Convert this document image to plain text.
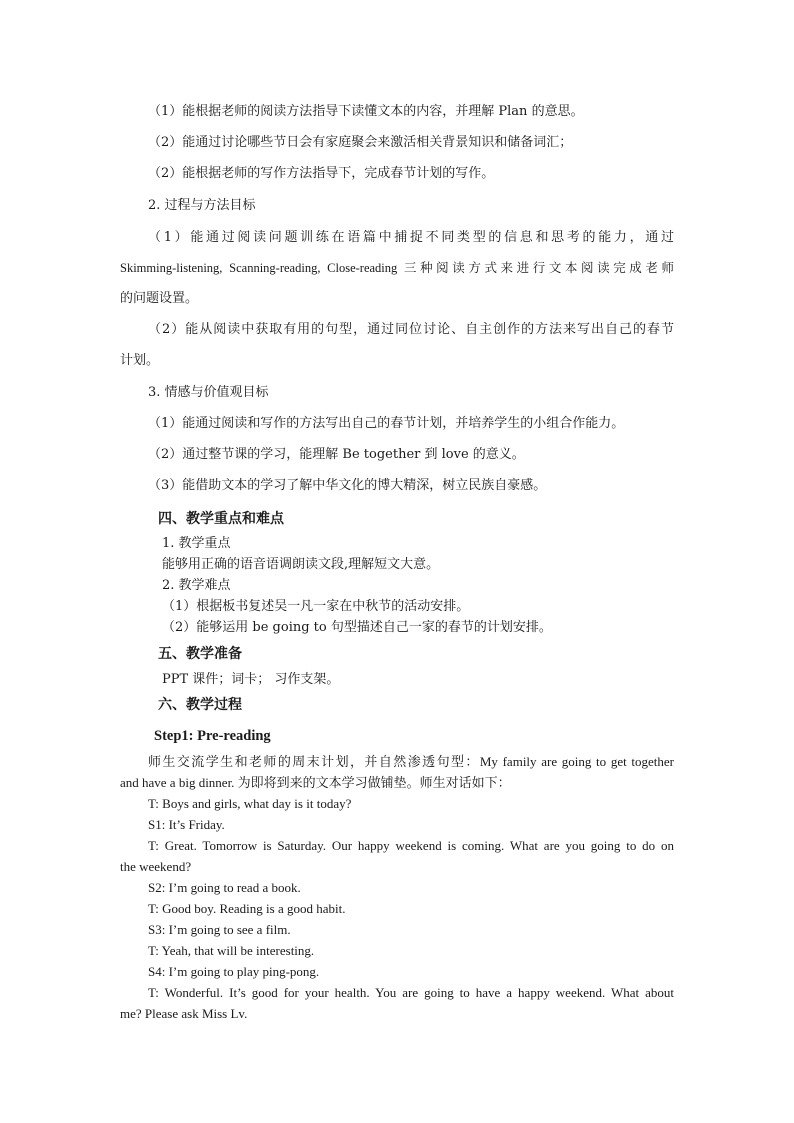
（1）能根据老师的阅读方法指导下读懂文本的内容，并理解 Plan 的意思。
（2）能通过讨论哪些节日会有家庭聚会来激活相关背景知识和储备词汇；
（2）能根据老师的写作方法指导下，完成春节计划的写作。
2. 过程与方法目标
（1）能通过阅读问题训练在语篇中捕捉不同类型的信息和思考的能力，通过
Skimming-listening, Scanning-reading, Close-reading 三种阅读方式来进行文本阅读完成老师
的问题设置。
（2）能从阅读中获取有用的句型，通过同位讨论、自主创作的方法来写出自己的春节
计划。
3. 情感与价值观目标
（1）能通过阅读和写作的方法写出自己的春节计划，并培养学生的小组合作能力。
（2）通过整节课的学习，能理解 Be together 到 love 的意义。
（3）能借助文本的学习了解中华文化的博大精深，树立民族自豪感。
四、教学重点和难点
1. 教学重点
能够用正确的语音语调朗读文段,理解短文大意。
2. 教学难点
（1）根据板书复述吴一凡一家在中秋节的活动安排。
（2）能够运用 be going to 句型描述自己一家的春节的计划安排。
五、教学准备
PPT 课件；词卡； 习作支架。
六、教学过程
Step1: Pre-reading
师生交流学生和老师的周末计划，并自然渗透句型：My family are going to get together
and have a big dinner. 为即将到来的文本学习做铺垫。师生对话如下：
T: Boys and girls, what day is it today?
S1: It’s Friday.
T: Great. Tomorrow is Saturday. Our happy weekend is coming. What are you going to do on
the weekend?
S2: I’m going to read a book.
T: Good boy. Reading is a good habit.
S3: I’m going to see a film.
T: Yeah, that will be interesting.
S4: I’m going to play ping-pong.
T: Wonderful. It’s good for your health. You are going to have a happy weekend. What about
me? Please ask Miss Lv.
